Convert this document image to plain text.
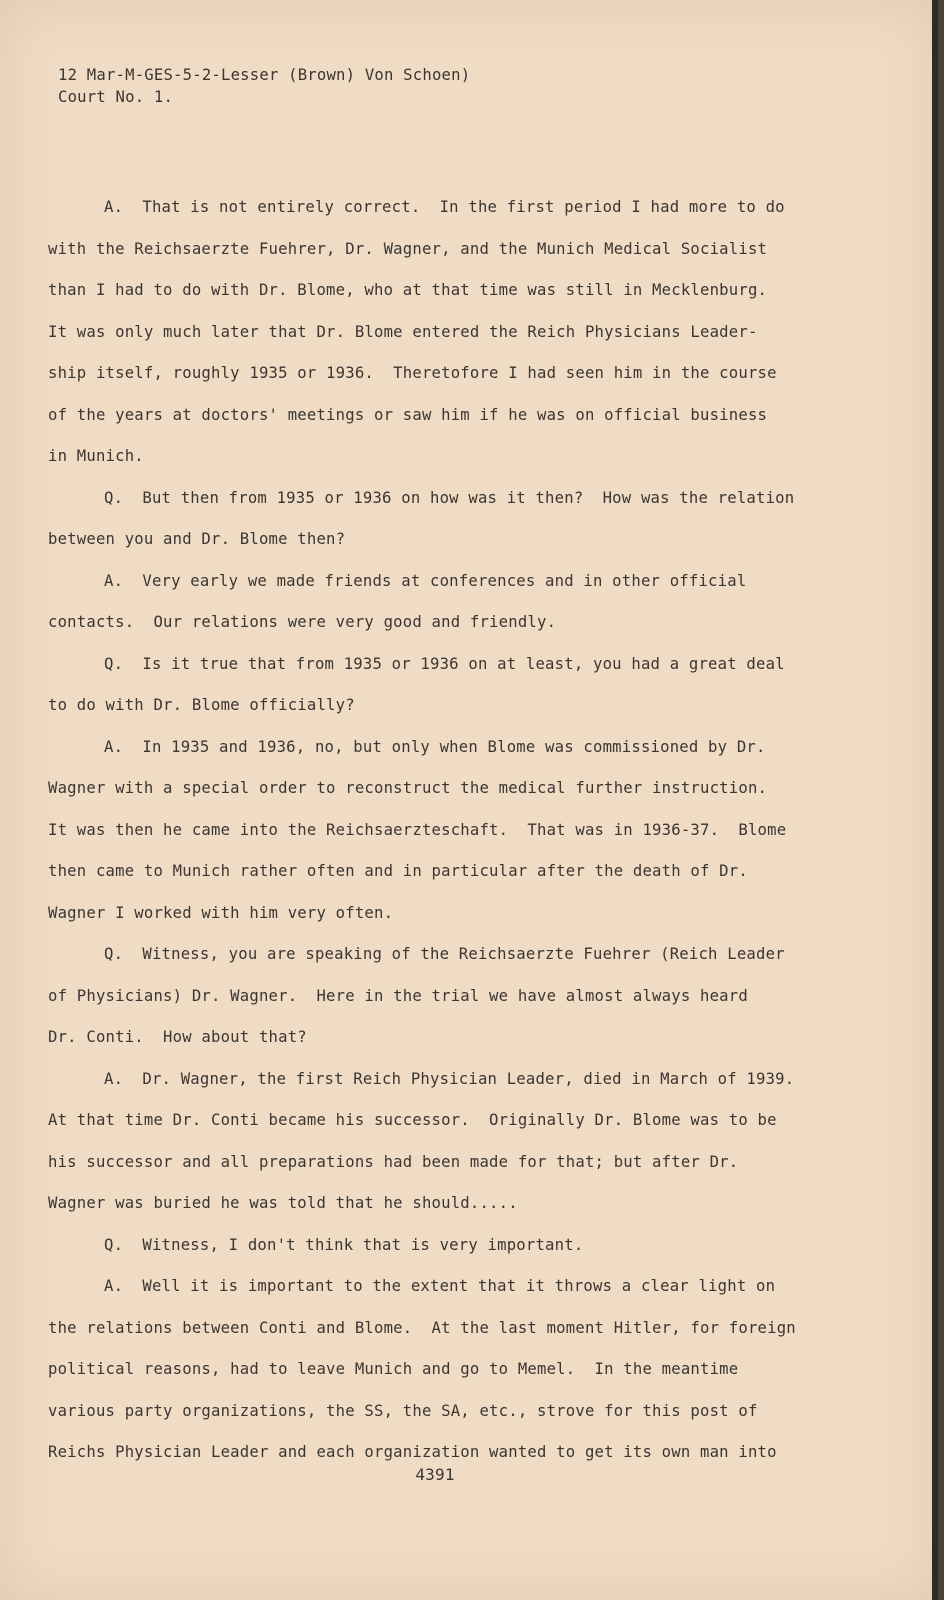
12 Mar-M-GES-5-2-Lesser (Brown) Von Schoen)
Court No. 1.
A.  That is not entirely correct.  In the first period I had more to do
with the Reichsaerzte Fuehrer, Dr. Wagner, and the Munich Medical Socialist
than I had to do with Dr. Blome, who at that time was still in Mecklenburg.
It was only much later that Dr. Blome entered the Reich Physicians Leader-
ship itself, roughly 1935 or 1936.  Theretofore I had seen him in the course
of the years at doctors' meetings or saw him if he was on official business
in Munich.
Q.  But then from 1935 or 1936 on how was it then?  How was the relation
between you and Dr. Blome then?
A.  Very early we made friends at conferences and in other official
contacts.  Our relations were very good and friendly.
Q.  Is it true that from 1935 or 1936 on at least, you had a great deal
to do with Dr. Blome officially?
A.  In 1935 and 1936, no, but only when Blome was commissioned by Dr.
Wagner with a special order to reconstruct the medical further instruction.
It was then he came into the Reichsaerzteschaft.  That was in 1936-37.  Blome
then came to Munich rather often and in particular after the death of Dr.
Wagner I worked with him very often.
Q.  Witness, you are speaking of the Reichsaerzte Fuehrer (Reich Leader
of Physicians) Dr. Wagner.  Here in the trial we have almost always heard
Dr. Conti.  How about that?
A.  Dr. Wagner, the first Reich Physician Leader, died in March of 1939.
At that time Dr. Conti became his successor.  Originally Dr. Blome was to be
his successor and all preparations had been made for that; but after Dr.
Wagner was buried he was told that he should.....
Q.  Witness, I don't think that is very important.
A.  Well it is important to the extent that it throws a clear light on
the relations between Conti and Blome.  At the last moment Hitler, for foreign
political reasons, had to leave Munich and go to Memel.  In the meantime
various party organizations, the SS, the SA, etc., strove for this post of
Reichs Physician Leader and each organization wanted to get its own man into
4391
